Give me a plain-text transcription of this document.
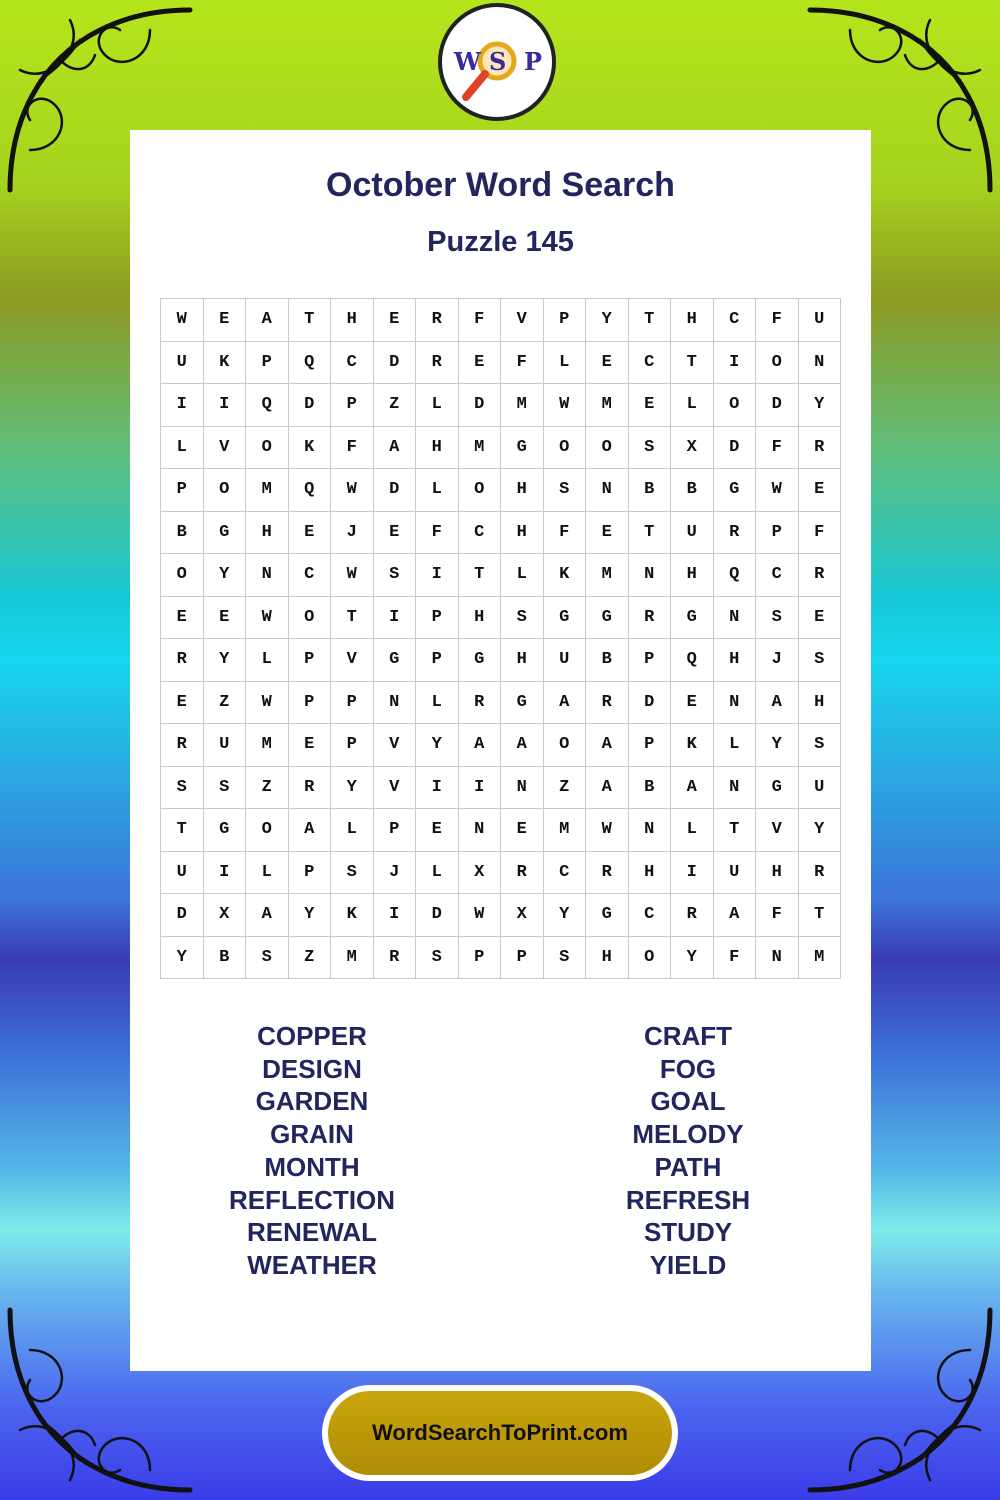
W S P
October Word Search
Puzzle 145
W	E	A	T	H	E	R	F	V	P	Y	T	H	C	F	U
U	K	P	Q	C	D	R	E	F	L	E	C	T	I	O	N
I	I	Q	D	P	Z	L	D	M	W	M	E	L	O	D	Y
L	V	O	K	F	A	H	M	G	O	O	S	X	D	F	R
P	O	M	Q	W	D	L	O	H	S	N	B	B	G	W	E
B	G	H	E	J	E	F	C	H	F	E	T	U	R	P	F
O	Y	N	C	W	S	I	T	L	K	M	N	H	Q	C	R
E	E	W	O	T	I	P	H	S	G	G	R	G	N	S	E
R	Y	L	P	V	G	P	G	H	U	B	P	Q	H	J	S
E	Z	W	P	P	N	L	R	G	A	R	D	E	N	A	H
R	U	M	E	P	V	Y	A	A	O	A	P	K	L	Y	S
S	S	Z	R	Y	V	I	I	N	Z	A	B	A	N	G	U
T	G	O	A	L	P	E	N	E	M	W	N	L	T	V	Y
U	I	L	P	S	J	L	X	R	C	R	H	I	U	H	R
D	X	A	Y	K	I	D	W	X	Y	G	C	R	A	F	T
Y	B	S	Z	M	R	S	P	P	S	H	O	Y	F	N	M
COPPER
DESIGN
GARDEN
GRAIN
MONTH
REFLECTION
RENEWAL
WEATHER
CRAFT
FOG
GOAL
MELODY
PATH
REFRESH
STUDY
YIELD
WordSearchToPrint.com
